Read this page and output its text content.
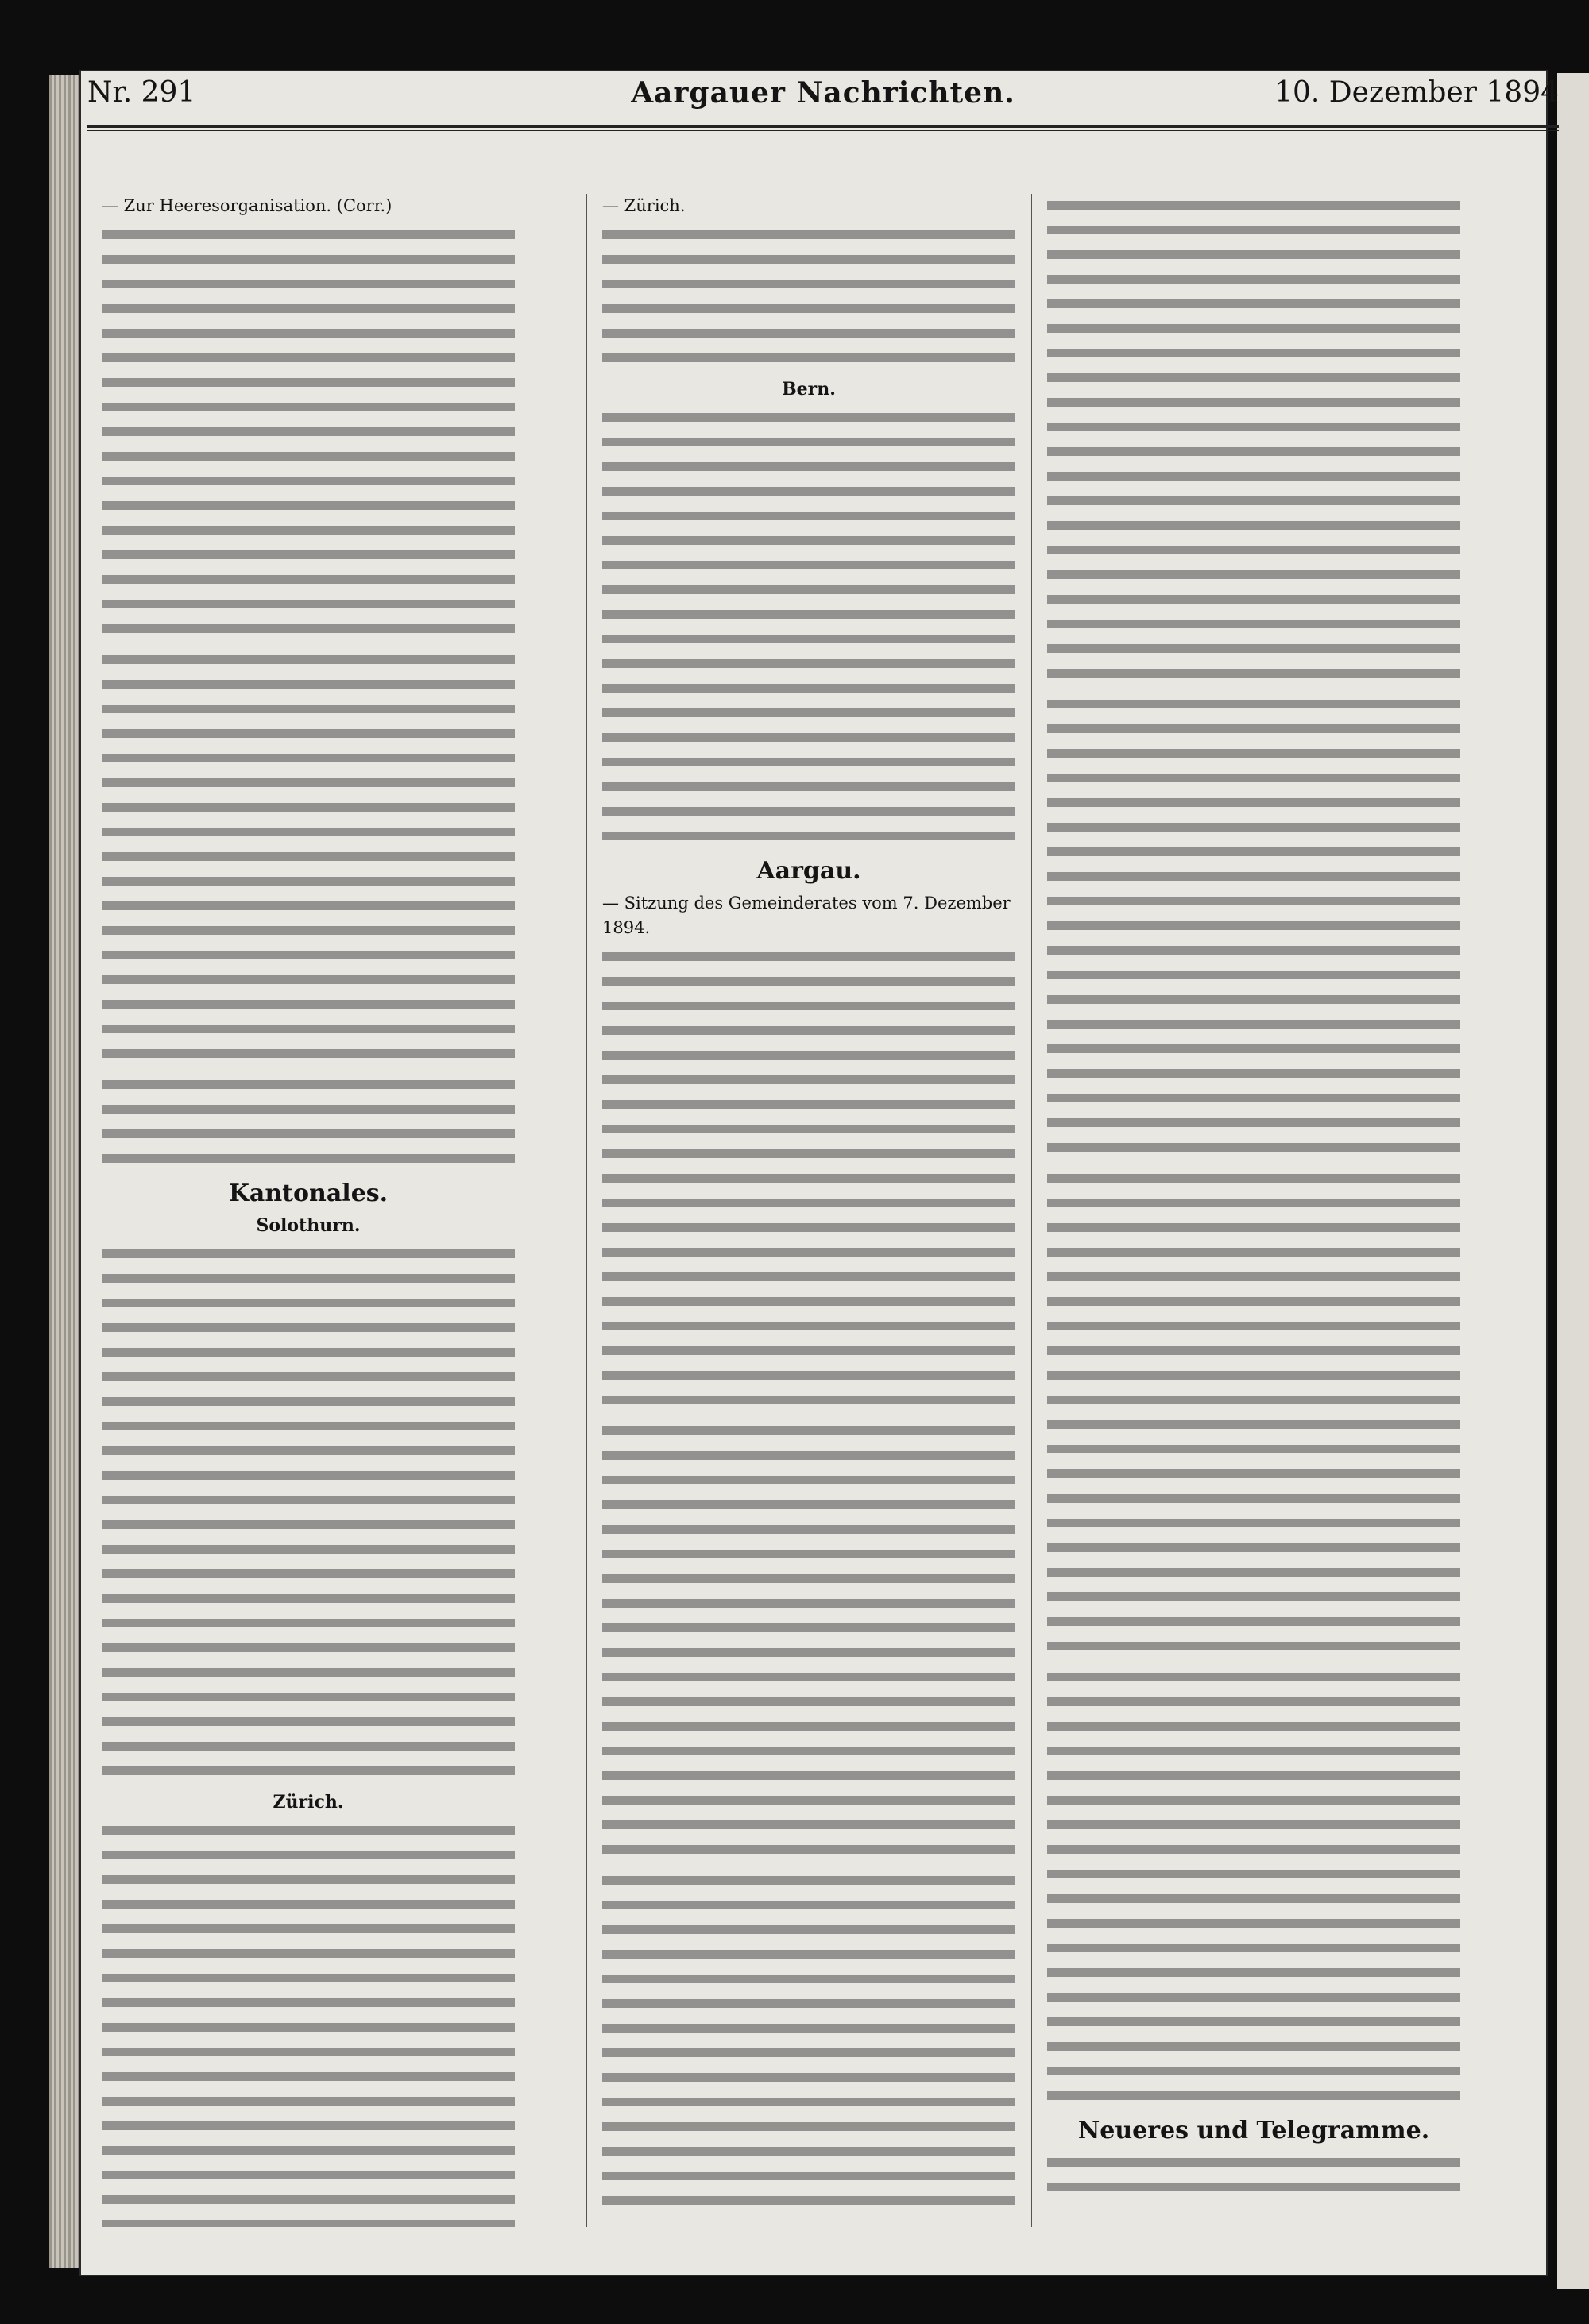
Nr. 291	Aargauer Nachrichten.	10. Dezember 1894

— Zur Heeresorganisation. (Corr.)

Kantonales.
Solothurn.
Zürich.

— Zürich.

Bern.
Aargau.

— Sitzung des Gemeinderates vom 7. Dezember 1894.

Neueres und Telegramme.
